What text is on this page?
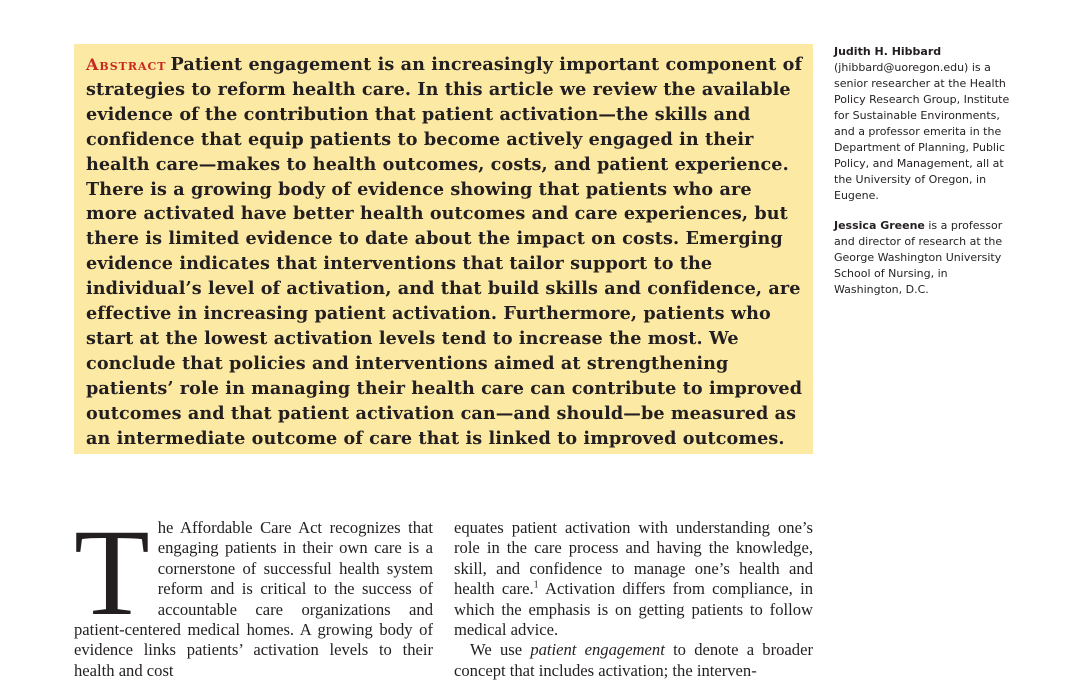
Abstract Patient engagement is an increasingly important component of strategies to reform health care. In this article we review the available evidence of the contribution that patient activation—the skills and confidence that equip patients to become actively engaged in their health care—makes to health outcomes, costs, and patient experience. There is a growing body of evidence showing that patients who are more activated have better health outcomes and care experiences, but there is limited evidence to date about the impact on costs. Emerging evidence indicates that interventions that tailor support to the individual’s level of activation, and that build skills and confidence, are effective in increasing patient activation. Furthermore, patients who start at the lowest activation levels tend to increase the most. We conclude that policies and interventions aimed at strengthening patients’ role in managing their health care can contribute to improved outcomes and that patient activation can—and should—be measured as an intermediate outcome of care that is linked to improved outcomes.

Judith H. Hibbard (jhibbard@uoregon.edu) is a senior researcher at the Health Policy Research Group, Institute for Sustainable Environments, and a professor emerita in the Department of Planning, Public Policy, and Management, all at the University of Oregon, in Eugene.

Jessica Greene is a professor and director of research at the George Washington University School of Nursing, in Washington, D.C.

The Affordable Care Act recognizes that engaging patients in their own care is a cornerstone of successful health system reform and is critical to the success of accountable care organizations and patient-centered medical homes. A growing body of evidence links patients’ activation levels to their health and cost

equates patient activation with understanding one’s role in the care process and having the knowledge, skill, and confidence to manage one’s health and health care.$^1$ Activation differs from compliance, in which the emphasis is on getting patients to follow medical advice.

We use patient engagement to denote a broader concept that includes activation; the interven-
